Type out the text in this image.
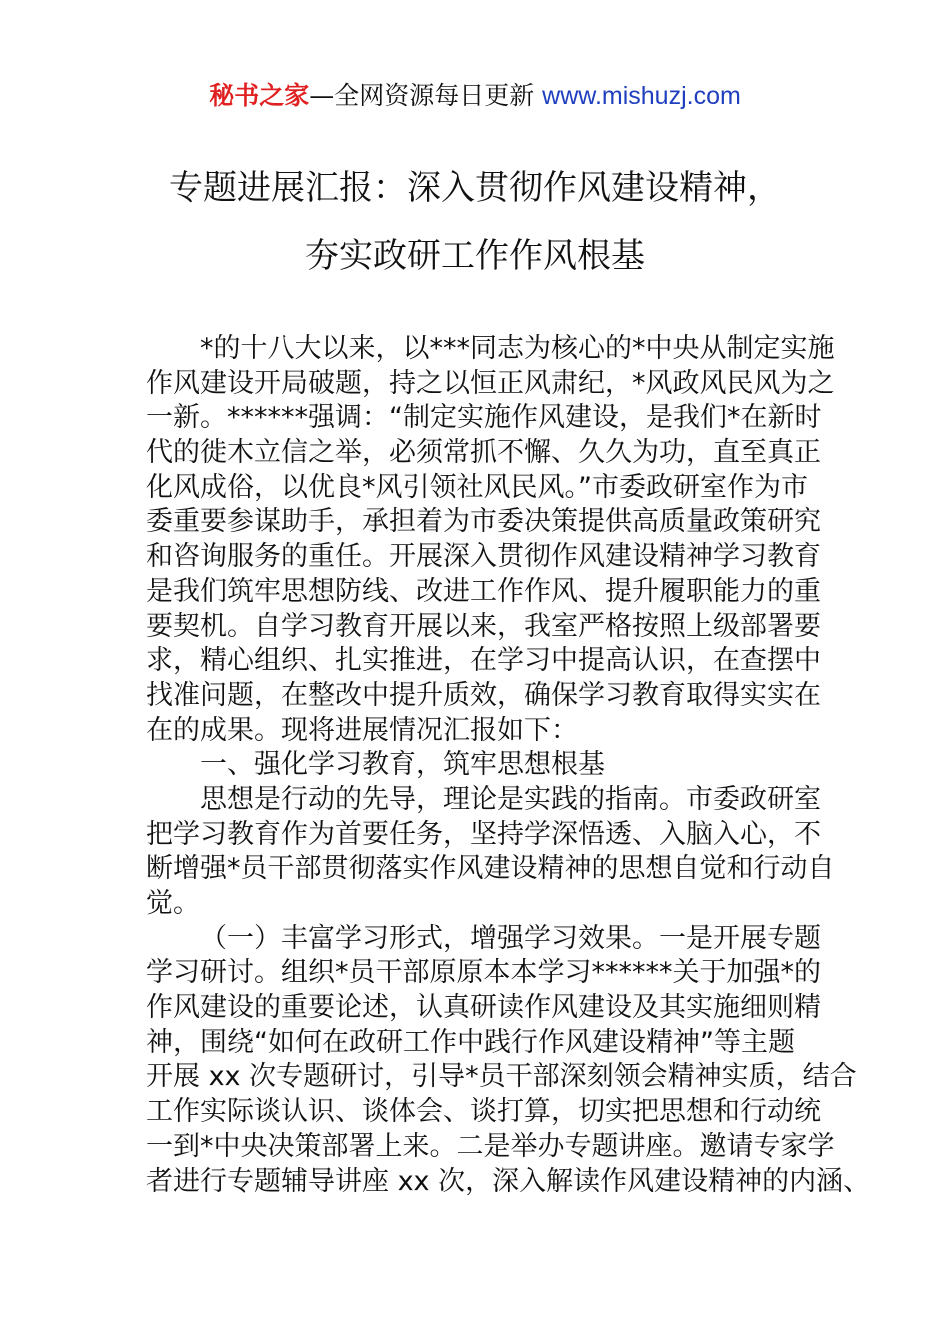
秘书之家—全网资源每日更新 www.mishuzj.com
专题进展汇报：深入贯彻作风建设精神，
夯实政研工作作风根基
*的十八大以来，以***同志为核心的*中央从制定实施
作风建设开局破题，持之以恒正风肃纪，*风政风民风为之
一新。******强调：“制定实施作风建设，是我们*在新时
代的徙木立信之举，必须常抓不懈、久久为功，直至真正
化风成俗，以优良*风引领社风民风。”市委政研室作为市
委重要参谋助手，承担着为市委决策提供高质量政策研究
和咨询服务的重任。开展深入贯彻作风建设精神学习教育
是我们筑牢思想防线、改进工作作风、提升履职能力的重
要契机。自学习教育开展以来，我室严格按照上级部署要
求，精心组织、扎实推进，在学习中提高认识，在查摆中
找准问题，在整改中提升质效，确保学习教育取得实实在
在的成果。现将进展情况汇报如下：
一、强化学习教育，筑牢思想根基
思想是行动的先导，理论是实践的指南。市委政研室
把学习教育作为首要任务，坚持学深悟透、入脑入心，不
断增强*员干部贯彻落实作风建设精神的思想自觉和行动自
觉。
（一）丰富学习形式，增强学习效果。一是开展专题
学习研讨。组织*员干部原原本本学习******关于加强*的
作风建设的重要论述，认真研读作风建设及其实施细则精
神，围绕“如何在政研工作中践行作风建设精神”等主题
开展 xx 次专题研讨，引导*员干部深刻领会精神实质，结合
工作实际谈认识、谈体会、谈打算，切实把思想和行动统
一到*中央决策部署上来。二是举办专题讲座。邀请专家学
者进行专题辅导讲座 xx 次，深入解读作风建设精神的内涵、
